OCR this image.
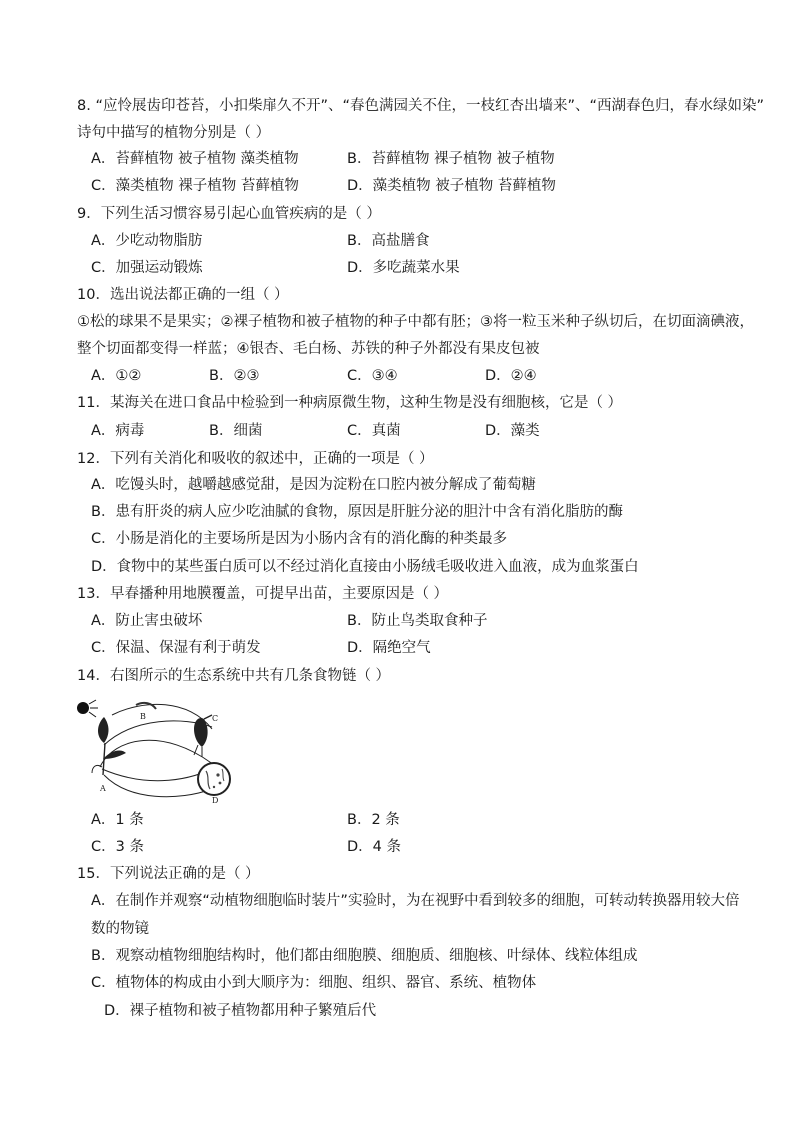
8. “应怜展齿印苍苔，小扣柴扉久不开”、“春色满园关不住，一枝红杏出墙来”、“西湖春色归，春水绿如染”
诗句中描写的植物分别是（ ）
A．苔藓植物 被子植物 藻类植物	B．苔藓植物 裸子植物 被子植物
C．藻类植物 裸子植物 苔藓植物	D．藻类植物 被子植物 苔藓植物
9．下列生活习惯容易引起心血管疾病的是（ ）
A．少吃动物脂肪	B．高盐膳食
C．加强运动锻炼	D．多吃蔬菜水果
10．选出说法都正确的一组（ ）
①松的球果不是果实；②裸子植物和被子植物的种子中都有胚；③将一粒玉米种子纵切后，在切面滴碘液，
整个切面都变得一样蓝；④银杏、毛白杨、苏铁的种子外都没有果皮包被
A．①②	B．②③	C．③④	D．②④
11．某海关在进口食品中检验到一种病原微生物，这种生物是没有细胞核，它是（ ）
A．病毒	B．细菌	C．真菌	D．藻类
12．下列有关消化和吸收的叙述中，正确的一项是（ ）
A．吃馒头时，越嚼越感觉甜，是因为淀粉在口腔内被分解成了葡萄糖
B．患有肝炎的病人应少吃油腻的食物，原因是肝脏分泌的胆汁中含有消化脂肪的酶
C．小肠是消化的主要场所是因为小肠内含有的消化酶的种类最多
D．食物中的某些蛋白质可以不经过消化直接由小肠绒毛吸收进入血液，成为血浆蛋白
13．早春播种用地膜覆盖，可提早出苗，主要原因是（ ）
A．防止害虫破坏	B．防止鸟类取食种子
C．保温、保湿有利于萌发	D．隔绝空气
14．右图所示的生态系统中共有几条食物链（ ）
A
B	C
D
A．1 条	B．2 条
C．3 条	D．4 条
15．下列说法正确的是（ ）
A．在制作并观察“动植物细胞临时装片”实验时，为在视野中看到较多的细胞，可转动转换器用较大倍
数的物镜
B．观察动植物细胞结构时，他们都由细胞膜、细胞质、细胞核、叶绿体、线粒体组成
C．植物体的构成由小到大顺序为：细胞、组织、器官、系统、植物体
D．裸子植物和被子植物都用种子繁殖后代
